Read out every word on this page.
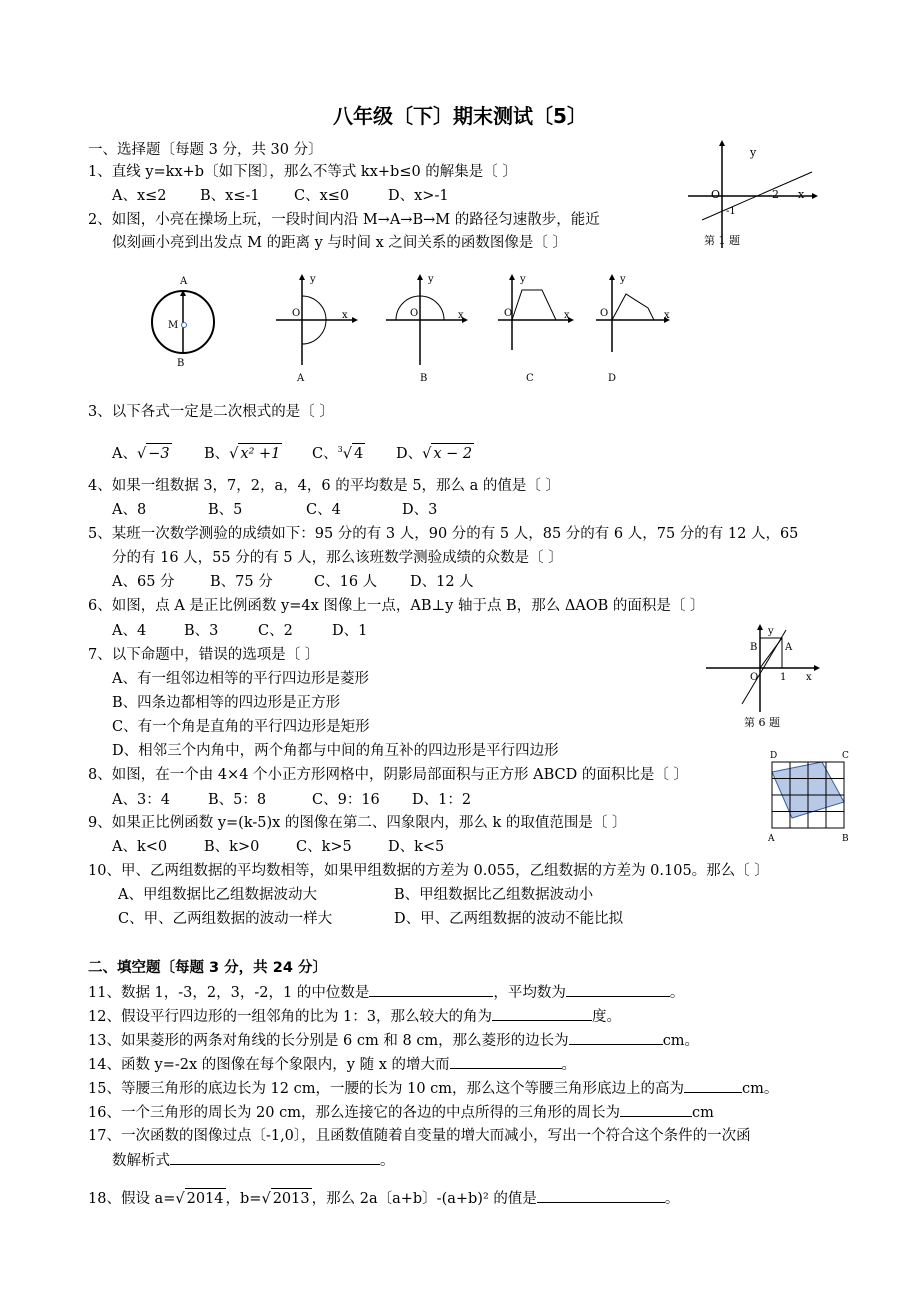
八年级〔下〕期末测试〔5〕
一、选择题〔每题 3 分，共 30 分〕
1、直线 y=kx+b〔如下图〕，那么不等式 kx+b≤0 的解集是〔 〕
A、x≤2 B、x≤-1 C、x≤0	D、x>-1
y
x
O	2
-1
第 1 题
2、如图，小亮在操场上玩，一段时间内沿 M→A→B→M 的路径匀速散步，能近
似刻画小亮到出发点 M 的距离 y 与时间 x 之间关系的函数图像是〔 〕
A
M
B
y
x
O
A
y
x
O
B
y
x
O
C
y
x
O
D
3、以下各式一定是二次根式的是〔 〕
A、√ −3 B、√ x² +1 C、$^3$√ 4 D、√ x − 2
4、如果一组数据 3，7，2，a，4，6 的平均数是 5，那么 a 的值是〔 〕
A、8	B、5	C、4	D、3
5、某班一次数学测验的成绩如下：95 分的有 3 人，90 分的有 5 人，85 分的有 6 人，75 分的有 12 人，65
分的有 16 人，55 分的有 5 人，那么该班数学测验成绩的众数是〔 〕
A、65 分 B、75 分	C、16 人 D、12 人
6、如图，点 A 是正比例函数 y=4x 图像上一点，AB⊥y 轴于点 B，那么 ΔAOB 的面积是〔 〕
A、4	B、3	C、2	D、1	y
B	A
O 1 x
第 6 题
7、以下命题中，错误的选项是〔 〕
A、有一组邻边相等的平行四边形是菱形
B、四条边都相等的四边形是正方形
C、有一个角是直角的平行四边形是矩形
D、相邻三个内角中，两个角都与中间的角互补的四边形是平行四边形	D	C
A	B
8、如图，在一个由 4×4 个小正方形网格中，阴影局部面积与正方形 ABCD 的面积比是〔 〕
A、3：4	B、5：8	C、9：16 D、1：2
9、如果正比例函数 y=(k-5)x 的图像在第二、四象限内，那么 k 的取值范围是〔 〕
A、k<0	B、k>0	C、k>5 D、k<5
10、甲、乙两组数据的平均数相等，如果甲组数据的方差为 0.055，乙组数据的方差为 0.105。那么〔 〕
A、甲组数据比乙组数据波动大	B、甲组数据比乙组数据波动小
C、甲、乙两组数据的波动一样大	D、甲、乙两组数据的波动不能比拟
二、填空题〔每题 3 分，共 24 分〕
11、数据 1，-3，2，3，-2，1 的中位数是	，平均数为	。
12、假设平行四边形的一组邻角的比为 1：3，那么较大的角为	度。
13、如果菱形的两条对角线的长分别是 6 cm 和 8 cm，那么菱形的边长为	cm。
14、函数 y=-2x 的图像在每个象限内，y 随 x 的增大而	。
15、等腰三角形的底边长为 12 cm，一腰的长为 10 cm，那么这个等腰三角形底边上的高为	cm。
16、一个三角形的周长为 20 cm，那么连接它的各边的中点所得的三角形的周长为	cm
17、一次函数的图像过点〔-1,0〕，且函数值随着自变量的增大而减小，写出一个符合这个条件的一次函
数解析式	。
18、假设 a=√ 2014 ，b=√ 2013 ，那么 2a〔a+b〕-(a+b)² 的值是	。
